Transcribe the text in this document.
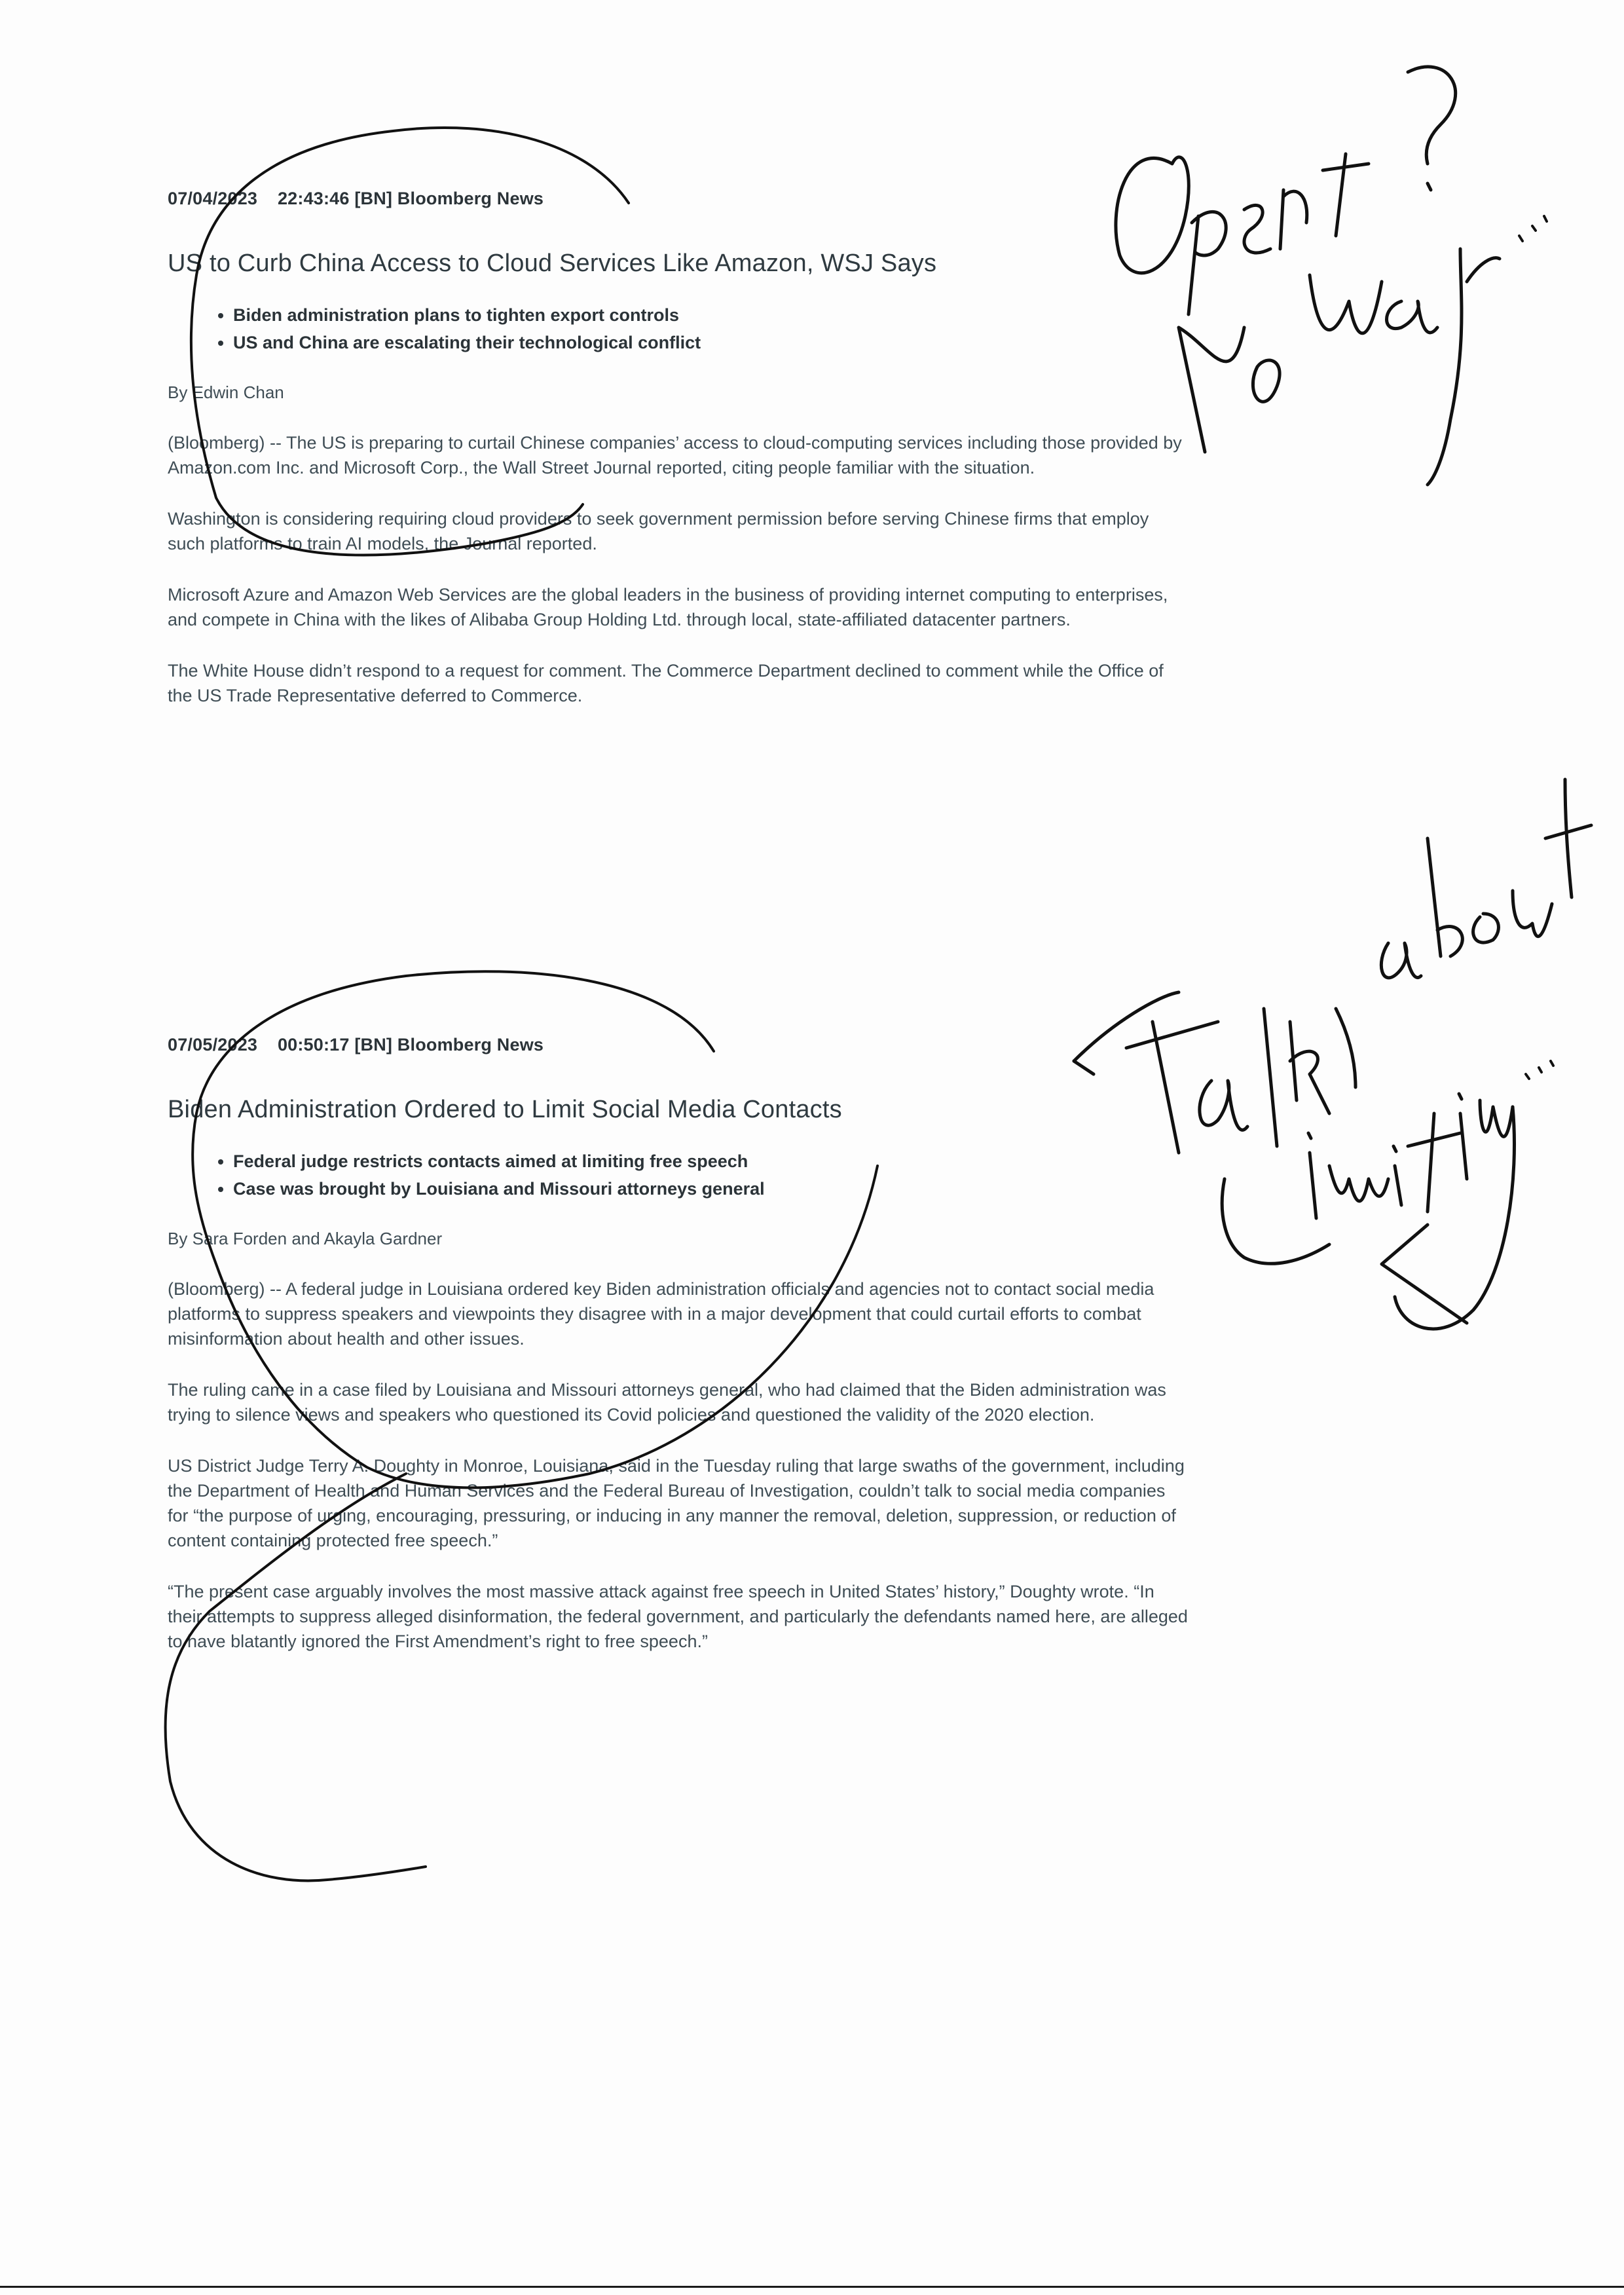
07/04/2023    22:43:46 [BN] Bloomberg News
US to Curb China Access to Cloud Services Like Amazon, WSJ Says
• Biden administration plans to tighten export controls
• US and China are escalating their technological conflict
By Edwin Chan

(Bloomberg) -- The US is preparing to curtail Chinese companies’ access to cloud-computing services including those provided by Amazon.com Inc. and Microsoft Corp., the Wall Street Journal reported, citing people familiar with the situation.

Washington is considering requiring cloud providers to seek government permission before serving Chinese firms that employ such platforms to train AI models, the Journal reported.

Microsoft Azure and Amazon Web Services are the global leaders in the business of providing internet computing to enterprises, and compete in China with the likes of Alibaba Group Holding Ltd. through local, state-affiliated datacenter partners.

The White House didn’t respond to a request for comment. The Commerce Department declined to comment while the Office of the US Trade Representative deferred to Commerce.

07/05/2023    00:50:17 [BN] Bloomberg News
Biden Administration Ordered to Limit Social Media Contacts
• Federal judge restricts contacts aimed at limiting free speech
• Case was brought by Louisiana and Missouri attorneys general
By Sara Forden and Akayla Gardner

(Bloomberg) -- A federal judge in Louisiana ordered key Biden administration officials and agencies not to contact social media platforms to suppress speakers and viewpoints they disagree with in a major development that could curtail efforts to combat misinformation about health and other issues.

The ruling came in a case filed by Louisiana and Missouri attorneys general, who had claimed that the Biden administration was trying to silence views and speakers who questioned its Covid policies and questioned the validity of the 2020 election.

US District Judge Terry A. Doughty in Monroe, Louisiana, said in the Tuesday ruling that large swaths of the government, including the Department of Health and Human Services and the Federal Bureau of Investigation, couldn’t talk to social media companies for “the purpose of urging, encouraging, pressuring, or inducing in any manner the removal, deletion, suppression, or reduction of content containing protected free speech.”

“The present case arguably involves the most massive attack against free speech in United States’ history,” Doughty wrote. “In their attempts to suppress alleged disinformation, the federal government, and particularly the defendants named here, are alleged to have blatantly ignored the First Amendment’s right to free speech.”
